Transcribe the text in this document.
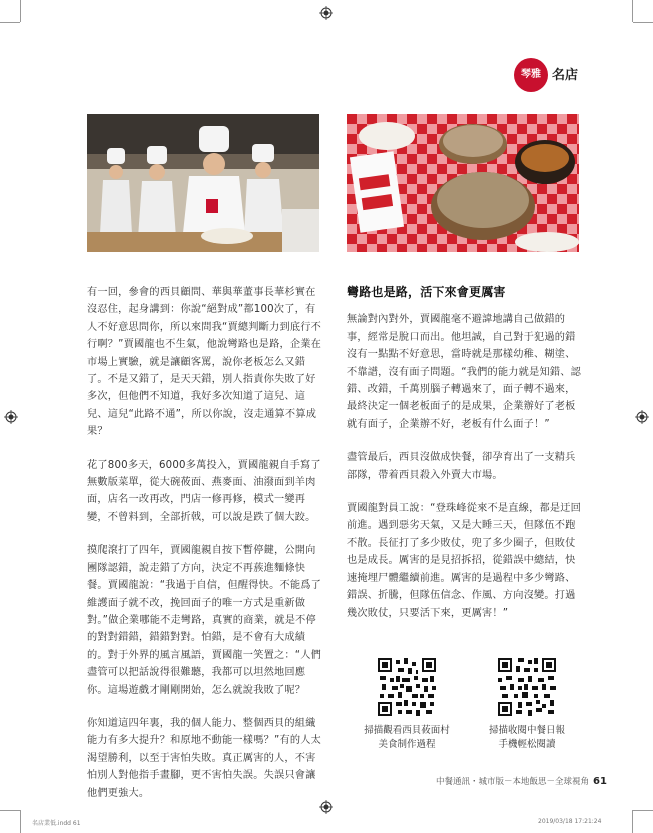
琴雅 名店

有一回，參會的西貝顧問、華與華董事長華杉實在沒忍住，起身講到：你說“絕對成”都100次了，有人不好意思問你，所以來問我“賈總判斷力到底行不行啊？”賈國龍也不生氣，他說彎路也是路，企業在市場上實驗，就是讓顧客罵，說你老板怎么又錯了。不是又錯了，是天天錯，別人指責你失敗了好多次，但他們不知道，我好多次知道了這兒、這兒、這兒“此路不通”，所以你說，沒走通算不算成果？

花了800多天，6000多萬投入，賈國龍親自手寫了無數版菜單，從大碗莜面、燕麥面、油潑面到羊肉面，店名一改再改，門店一修再修，模式一變再變，不曾料到，全部折戟，可以說是跌了個大跤。

摸爬滾打了四年，賈國龍親自按下暫停鍵，公開向團隊認錯，說走錯了方向，決定不再蔟進麵條快餐。賈國龍說：“我過于自信，但醒得快。不能爲了維護面子就不改，挽回面子的唯一方式是重新做對。”做企業哪能不走彎路，真實的商業，就是不停的對對錯錯，錯錯對對。怕錯，是不會有大成績的。對于外界的風言風語，賈國龍一笑置之：“人們盡管可以把話說得很難聽，我都可以坦然地回應你。這場遊戲才剛剛開始，怎么就說我敗了呢？

你知道這四年裏，我的個人能力、整個西貝的組織能力有多大提升？和原地不動能一樣嗎？”有的人太渴望勝利，以至于害怕失敗。真正厲害的人，不害怕別人對他指手畫腳，更不害怕失誤。失誤只會讓他們更強大。

彎路也是路，活下來會更厲害

無論對內對外，賈國龍毫不避諱地講自己做錯的事，經常是脫口而出。他坦誠，自己對于犯過的錯沒有一點點不好意思，當時就是那樣幼稚、糊塗、不靠譜，沒有面子問題。“我們的能力就是知錯、認錯、改錯，千萬別腦子轉過來了，面子轉不過來，最終決定一個老板面子的是成果，企業辦好了老板就有面子，企業辦不好，老板有什么面子！”

盡管最后，西貝沒做成快餐，卻孕育出了一支精兵部隊，帶着西貝殺入外賣大市場。

賈國龍對員工說：“登珠峰從來不是直線，都是迂回前進。遇到惡劣天氣，又是大睡三天，但隊伍不跑不散。長征打了多少敗仗，兜了多少圈子，但敗仗也是成長。厲害的是見招拆招，從錯誤中總結，快速掩埋尸體繼續前進。厲害的是過程中多少彎路、錯誤、折騰，但隊伍信念、作風、方向沒變。打過幾次敗仗，只要活下來，更厲害！”

掃描觀看西貝莜面村
美食制作過程
掃描收閱中餐日報
手機輕松閱讀
中餐通訊・城市版－本地飯思－全球視角 61
名店業低.indd 61	2019/03/18 17:21:24
